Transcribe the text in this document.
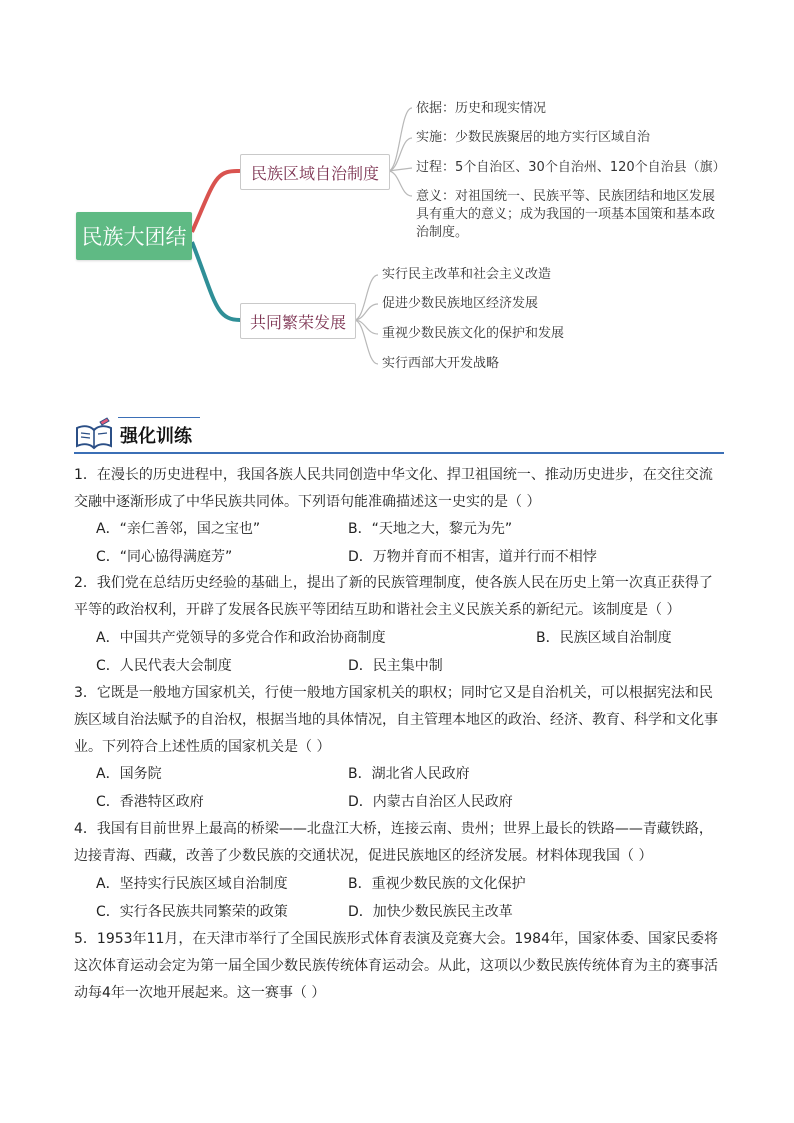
民族大团结
民族区域自治制度
共同繁荣发展
依据：历史和现实情况
实施：少数民族聚居的地方实行区域自治
过程：5个自治区、30个自治州、120个自治县（旗）
意义：对祖国统一、民族平等、民族团结和地区发展具有重大的意义；成为我国的一项基本国策和基本政治制度。
实行民主改革和社会主义改造
促进少数民族地区经济发展
重视少数民族文化的保护和发展
实行西部大开发战略
强化训练
1．在漫长的历史进程中，我国各族人民共同创造中华文化、捍卫祖国统一、推动历史进步，在交往交流交融中逐渐形成了中华民族共同体。下列语句能准确描述这一史实的是（ ）
A．“亲仁善邻，国之宝也”	B．“天地之大，黎元为先”
C．“同心協得满庭芳”	D．万物并育而不相害，道并行而不相悖
2．我们党在总结历史经验的基础上，提出了新的民族管理制度，使各族人民在历史上第一次真正获得了平等的政治权利，开辟了发展各民族平等团结互助和谐社会主义民族关系的新纪元。该制度是（ ）
A．中国共产党领导的多党合作和政治协商制度	B．民族区域自治制度
C．人民代表大会制度	D．民主集中制
3．它既是一般地方国家机关，行使一般地方国家机关的职权；同时它又是自治机关，可以根据宪法和民族区域自治法赋予的自治权，根据当地的具体情况，自主管理本地区的政治、经济、教育、科学和文化事业。下列符合上述性质的国家机关是（ ）
A．国务院	B．湖北省人民政府
C．香港特区政府	D．内蒙古自治区人民政府
4．我国有目前世界上最高的桥梁——北盘江大桥，连接云南、贵州；世界上最长的铁路——青藏铁路，边接青海、西藏，改善了少数民族的交通状况，促进民族地区的经济发展。材料体现我国（ ）
A．坚持实行民族区域自治制度	B．重视少数民族的文化保护
C．实行各民族共同繁荣的政策	D．加快少数民族民主改革
5．1953年11月，在天津市举行了全国民族形式体育表演及竞赛大会。1984年，国家体委、国家民委将这次体育运动会定为第一届全国少数民族传统体育运动会。从此，这项以少数民族传统体育为主的赛事活动每4年一次地开展起来。这一赛事（ ）
